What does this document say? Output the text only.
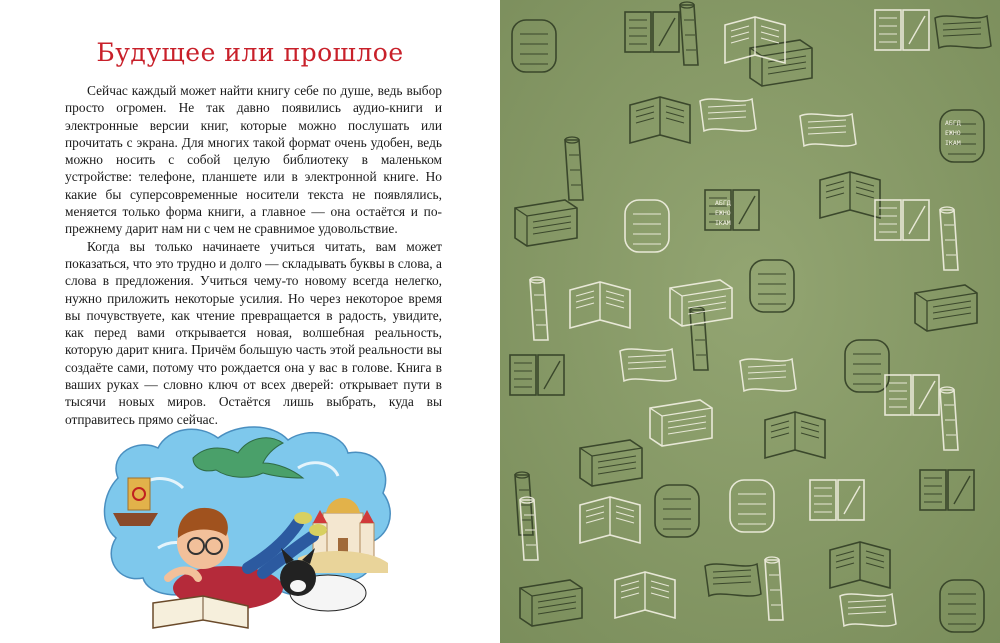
Будущее или прошлое

Сейчас каждый может найти книгу себе по душе, ведь выбор просто огромен. Не так давно появились аудио-книги и электронные версии книг, которые можно послушать или прочитать с экрана. Для многих такой формат очень удобен, ведь можно носить с собой целую библиотеку в маленьком устройстве: телефоне, планшете или в электронной книге. Но какие бы суперсовременные носители текста не появлялись, меняется только форма книги, а главное — она остаётся и по-прежнему дарит нам ни с чем не сравнимое удовольствие.

Когда вы только начинаете учиться читать, вам может показаться, что это трудно и долго — складывать буквы в слова, а слова в предложения. Учиться чему-то новому всегда нелегко, нужно приложить некоторые усилия. Но через некоторое время вы почувствуете, как чтение превращается в радость, увидите, как перед вами открывается новая, волшебная реальность, которую дарит книга. Причём большую часть этой реальности вы создаёте сами, потому что рождается она у вас в голове. Книга в ваших руках — словно ключ от всех дверей: открывает пути в тысячи новых миров. Остаётся лишь выбрать, куда вы отправитесь прямо сейчас.

АБГД
ЕЖНО
ІКАМ
АБГД
ЕЖНО
ІКАМ
